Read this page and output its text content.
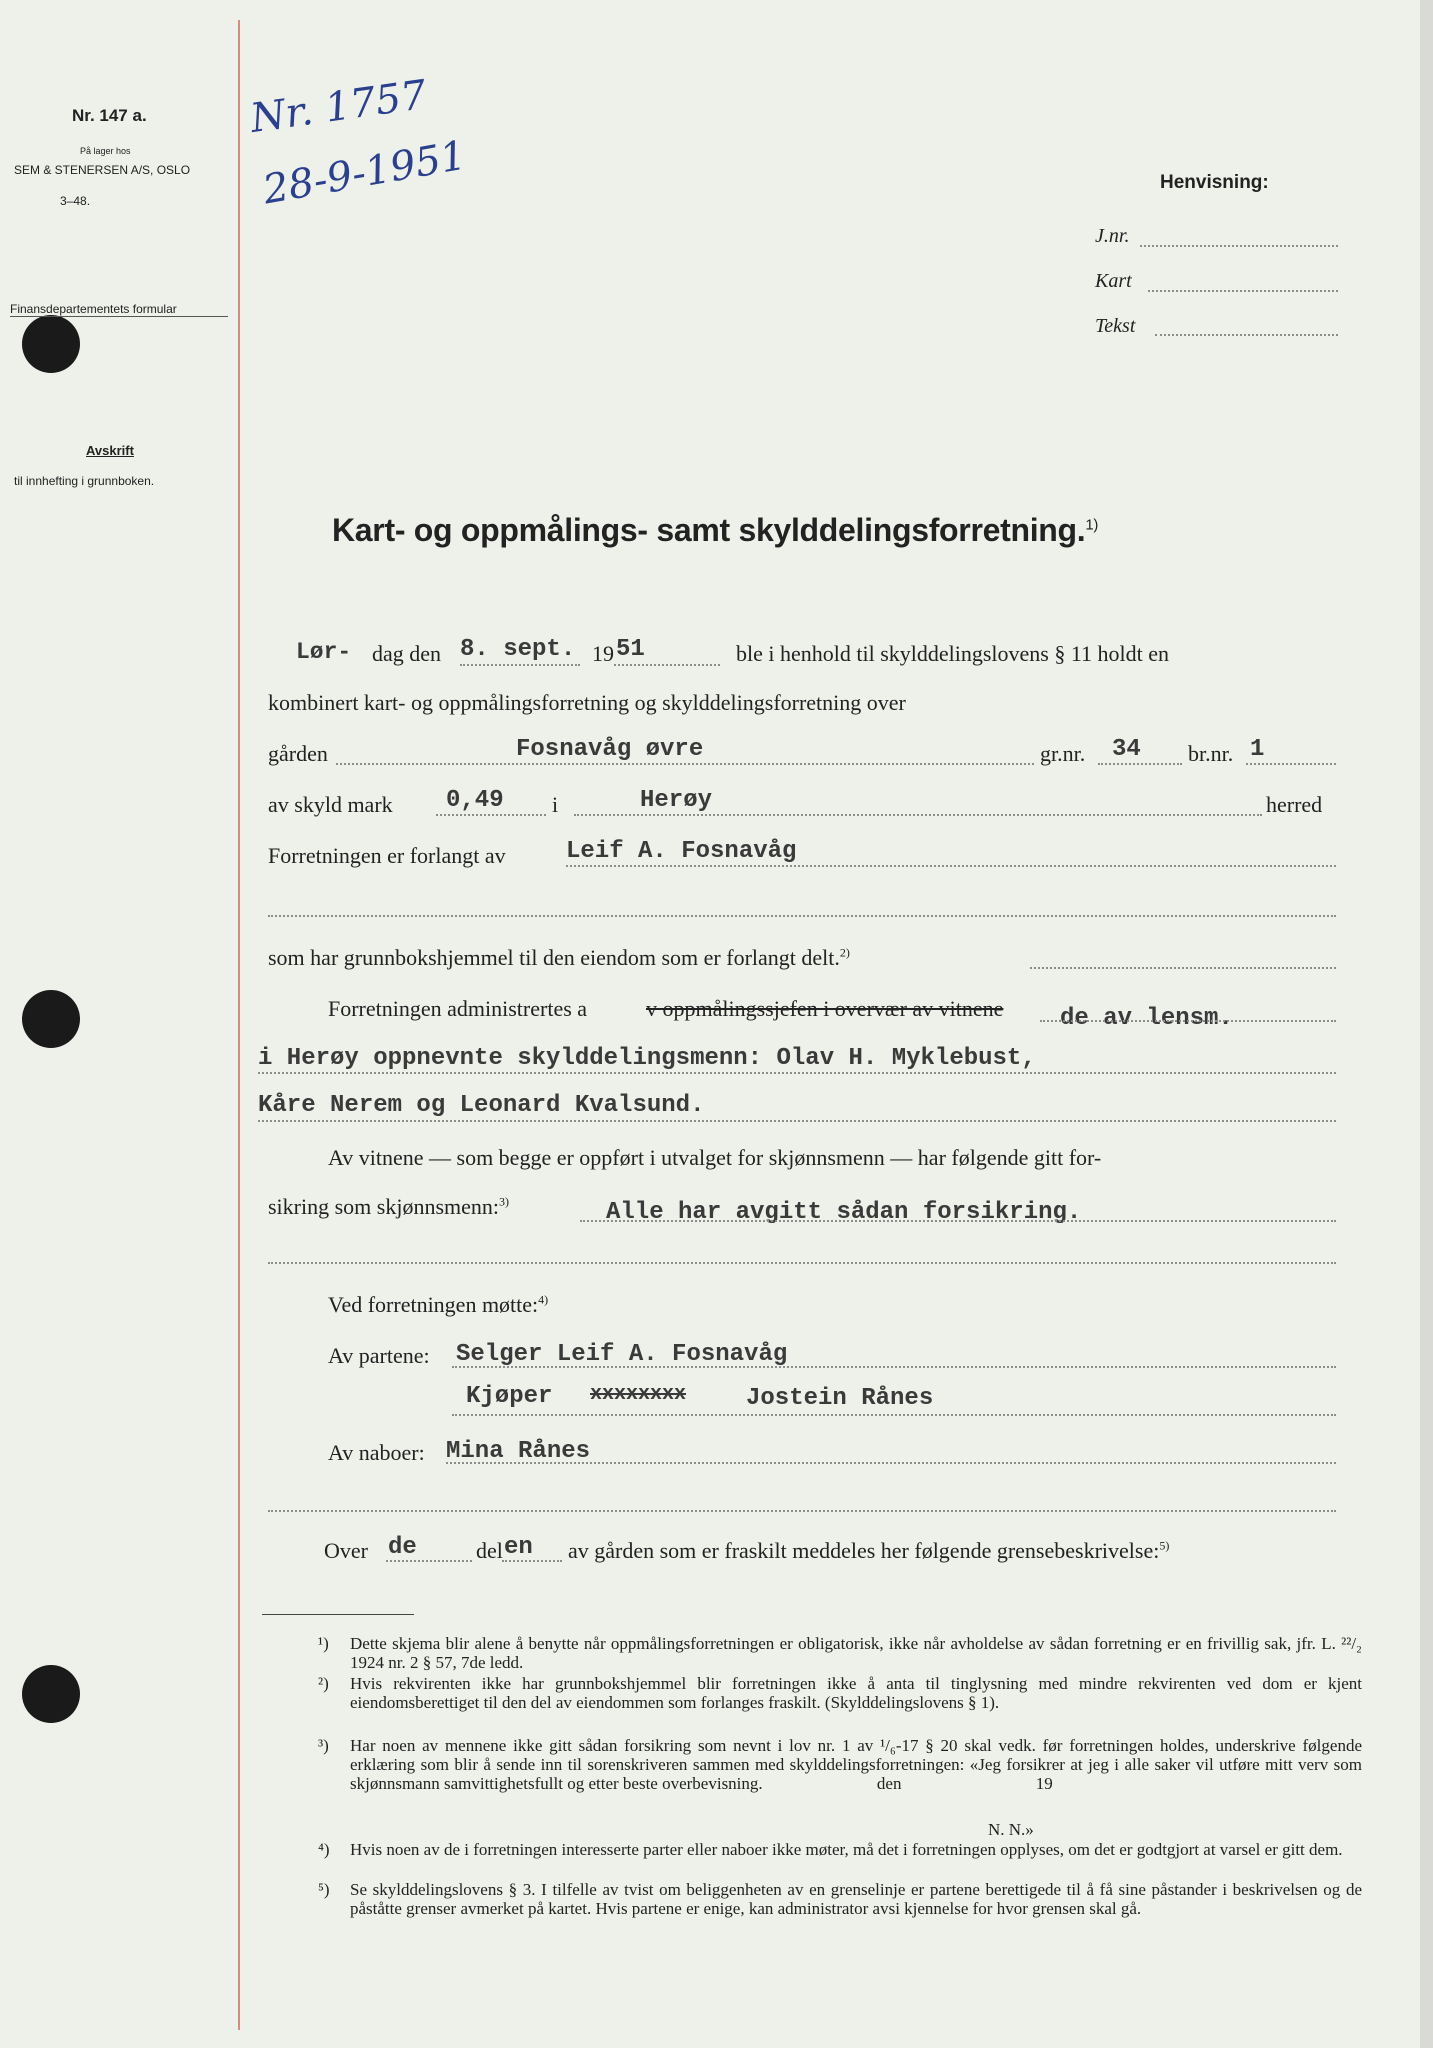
Nr. 147 a.
På lager hos
SEM & STENERSEN A/S, OSLO
3–48.
Finansdepartementets formular
Avskrift
til innhefting i grunnboken.
Nr. 1757
28-9-1951	Henvisning:
J.nr.
Kart
Tekst
Kart- og oppmålings- samt skylddelingsforretning.$^{1)}$
Lør- dag den 8. sept. 19 51	ble i henhold til skylddelingslovens § 11 holdt en
kombinert kart- og oppmålingsforretning og skylddelingsforretning over
gården	Fosnavåg øvre	gr.nr. 34 br.nr. 1
av skyld mark 0,49 i	Herøy	herred
Forretningen er forlangt av	Leif A. Fosnavåg
som har grunnbokshjemmel til den eiendom som er forlangt delt.$^{2)}$
Forretningen administrertes a	v oppmålingssjefen i overvær av vitnene de av lensm.
i Herøy oppnevnte skylddelingsmenn: Olav H. Myklebust,
Kåre Nerem og Leonard Kvalsund.
Av vitnene — som begge er oppført i utvalget for skjønnsmenn — har følgende gitt for-
sikring som skjønnsmenn:$^{3)}$	Alle har avgitt sådan forsikring.
Ved forretningen møtte:$^{4)}$
Av partene: Selger Leif A. Fosnavåg
Kjøper xxxxxxxx Jostein Rånes
Av naboer: Mina Rånes
Over de	del en av gården som er fraskilt meddeles her følgende grensebeskrivelse:$^{5)}$
¹) Dette skjema blir alene å benytte når oppmålingsforretningen er obligatorisk, ikke når avholdelse av sådan forretning er en frivillig sak, jfr. L. ²²/₂ 1924 nr. 2 § 57, 7de ledd.
²) Hvis rekvirenten ikke har grunnbokshjemmel blir forretningen ikke å anta til tinglysning med mindre rekvirenten ved dom er kjent eiendomsberettiget til den del av eiendommen som forlanges fraskilt. (Skylddelingslovens § 1).
³) Har noen av mennene ikke gitt sådan forsikring som nevnt i lov nr. 1 av ¹/₆-17 § 20 skal vedk. før forretningen holdes, underskrive følgende erklæring som blir å sende inn til sorenskriveren sammen med skylddelingsforretningen: «Jeg forsikrer at jeg i alle saker vil utføre mitt verv som skjønnsmann samvittighetsfullt og etter beste overbevisning.	den	19
N. N.»
⁴) Hvis noen av de i forretningen interesserte parter eller naboer ikke møter, må det i forretningen opplyses, om det er godtgjort at varsel er gitt dem.
⁵) Se skylddelingslovens § 3. I tilfelle av tvist om beliggenheten av en grenselinje er partene berettigede til å få sine påstander i beskrivelsen og de påståtte grenser avmerket på kartet. Hvis partene er enige, kan administrator avsi kjennelse for hvor grensen skal gå.
